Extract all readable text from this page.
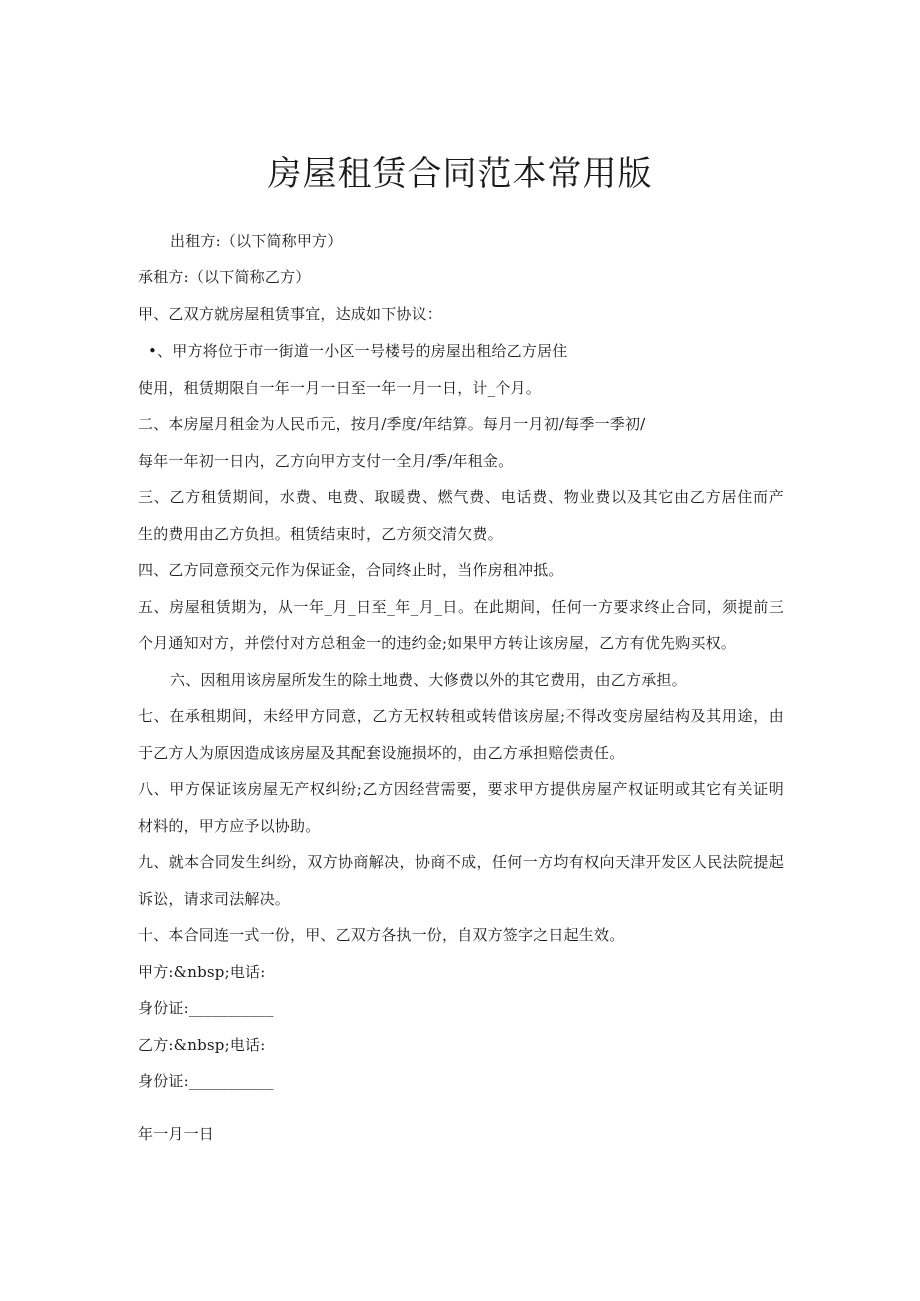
房屋租赁合同范本常用版
出租方:（以下简称甲方）
承租方:（以下简称乙方）
甲、乙双方就房屋租赁事宜，达成如下协议：
•、甲方将位于市一街道一小区一号楼号的房屋出租给乙方居住
使用，租赁期限自一年一月一日至一年一月一日，计_个月。
二、本房屋月租金为人民币元，按月/季度/年结算。每月一月初/每季一季初/
每年一年初一日内，乙方向甲方支付一全月/季/年租金。
三、乙方租赁期间，水费、电费、取暖费、燃气费、电话费、物业费以及其它由乙方居住而产
生的费用由乙方负担。租赁结束时，乙方须交清欠费。
四、乙方同意预交元作为保证金，合同终止时，当作房租冲抵。
五、房屋租赁期为，从一年_月_日至_年_月_日。在此期间，任何一方要求终止合同，须提前三
个月通知对方，并偿付对方总租金一的违约金;如果甲方转让该房屋，乙方有优先购买权。
六、因租用该房屋所发生的除土地费、大修费以外的其它费用，由乙方承担。
七、在承租期间，未经甲方同意，乙方无权转租或转借该房屋;不得改变房屋结构及其用途，由
于乙方人为原因造成该房屋及其配套设施损坏的，由乙方承担赔偿责任。
八、甲方保证该房屋无产权纠纷;乙方因经营需要，要求甲方提供房屋产权证明或其它有关证明
材料的，甲方应予以协助。
九、就本合同发生纠纷，双方协商解决，协商不成，任何一方均有权向天津开发区人民法院提起
诉讼，请求司法解决。
十、本合同连一式一份，甲、乙双方各执一份，自双方签字之日起生效。
甲方:&nbsp;电话:
身份证:___________
乙方:&nbsp;电话:
身份证:___________
年一月一日
